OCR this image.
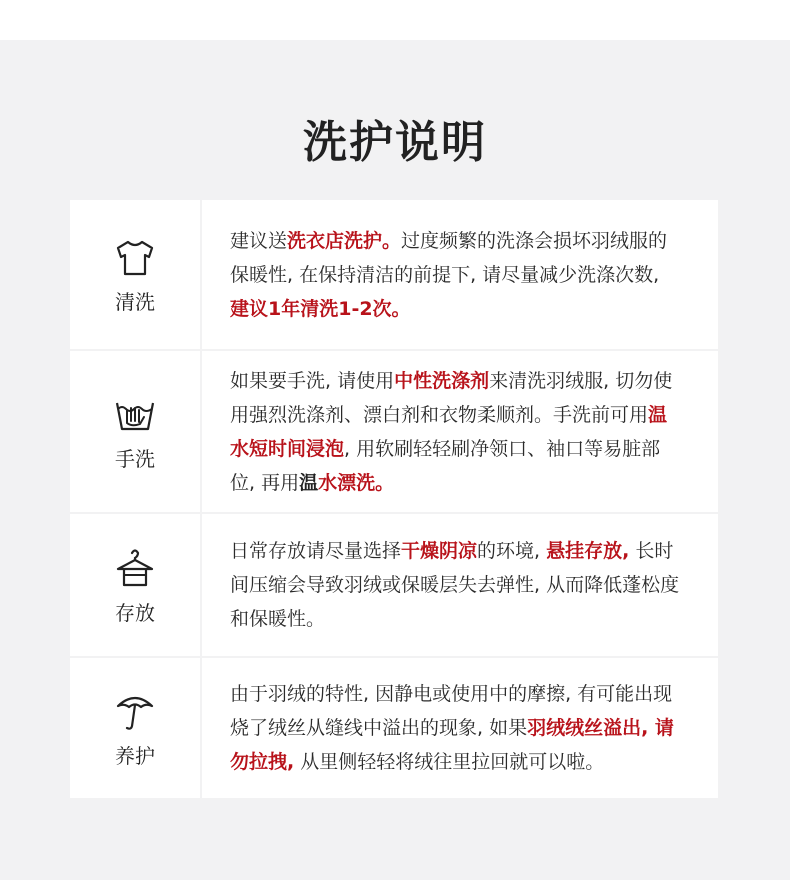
洗护说明
清洗
建议送洗衣店洗护。过度频繁的洗涤会损坏羽绒服的保暖性, 在保持清洁的前提下, 请尽量减少洗涤次数, 建议1年清洗1-2次。
手洗
如果要手洗, 请使用中性洗涤剂来清洗羽绒服, 切勿使用强烈洗涤剂、漂白剂和衣物柔顺剂。手洗前可用温水短时间浸泡, 用软刷轻轻刷净领口、袖口等易脏部位, 再用温水漂洗。
存放
日常存放请尽量选择干燥阴凉的环境, 悬挂存放, 长时间压缩会导致羽绒或保暖层失去弹性, 从而降低蓬松度和保暖性。
养护
由于羽绒的特性, 因静电或使用中的摩擦, 有可能出现烧了绒丝从缝线中溢出的现象, 如果羽绒绒丝溢出, 请勿拉拽, 从里侧轻轻将绒往里拉回就可以啦。
